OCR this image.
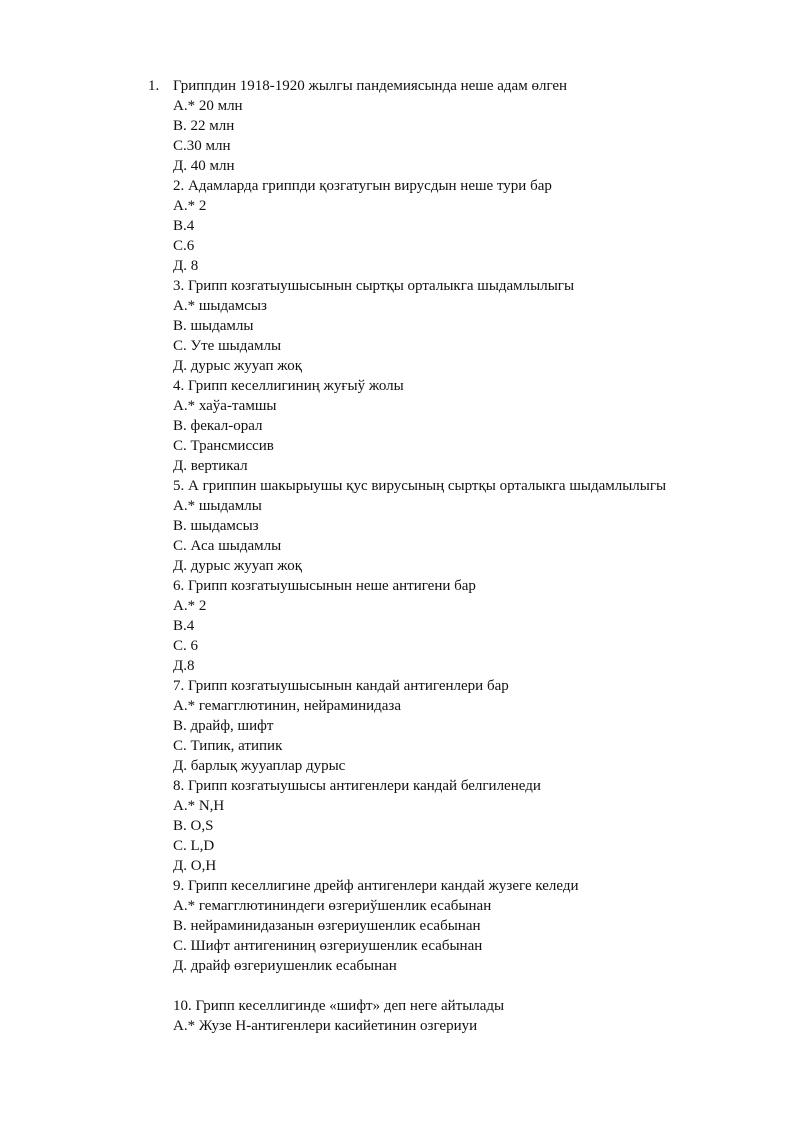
1. Гриппдин 1918-1920 жылгы пандемиясында неше адам өлген
А.* 20 млн
В. 22 млн
С.30 млн
Д. 40 млн
2. Адамларда гриппди қозгатугын вирусдын неше тури бар
А.* 2
В.4
С.6
Д. 8
3. Грипп козгатыушысынын сыртқы орталыкга шыдамлылыгы
А.* шыдамсыз
В. шыдамлы
С. Уте шыдамлы
Д. дурыс жууап жоқ
4. Грипп кеселлигиниң жуғыў жолы
А.* хаўа-тамшы
В. фекал-орал
С. Трансмиссив
Д. вертикал
5. А гриппин шакырыушы қус вирусының сыртқы орталыкга шыдамлылыгы
А.* шыдамлы
В. шыдамсыз
С. Аса шыдамлы
Д. дурыс жууап жоқ
6. Грипп козгатыушысынын неше антигени бар
А.* 2
В.4
С. 6
Д.8
7. Грипп козгатыушысынын кандай антигенлери бар
А.* гемагглютинин, нейраминидаза
В. драйф, шифт
С. Типик, атипик
Д. барлық жууаплар дурыс
8. Грипп козгатыушысы антигенлери кандай белгиленеди
А.* N,H
В. O,S
С. L,D
Д. O,H
9. Грипп кеселлигине дрейф антигенлери кандай жузеге келеди
А.* гемагглютининдеги өзгериўшенлик есабынан
В. нейраминидазанын өзгериушенлик есабынан
С. Шифт антигениниң өзгериушенлик есабынан
Д. драйф өзгериушенлик есабынан
10. Грипп кеселлигинде «шифт» деп неге айтылады
А.* Жузе Н-антигенлери касийетинин озгериуи
